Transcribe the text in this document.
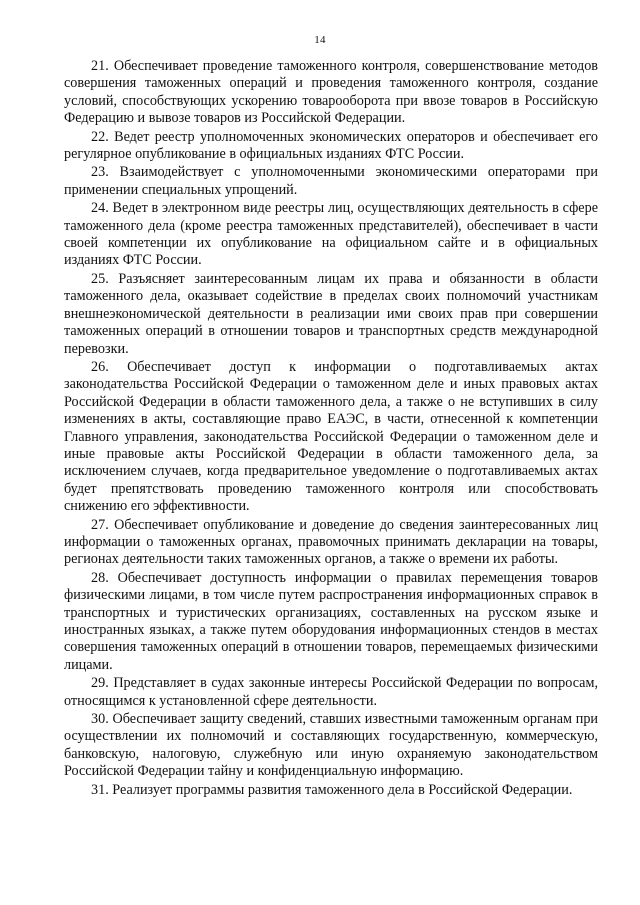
14

21. Обеспечивает проведение таможенного контроля, совершенствование методов совершения таможенных операций и проведения таможенного контроля, создание условий, способствующих ускорению товарооборота при ввозе товаров в Российскую Федерацию и вывозе товаров из Российской Федерации.

22. Ведет реестр уполномоченных экономических операторов и обеспечивает его регулярное опубликование в официальных изданиях ФТС России.

23. Взаимодействует с уполномоченными экономическими операторами при применении специальных упрощений.

24. Ведет в электронном виде реестры лиц, осуществляющих деятельность в сфере таможенного дела (кроме реестра таможенных представителей), обеспечивает в части своей компетенции их опубликование на официальном сайте и в официальных изданиях ФТС России.

25. Разъясняет заинтересованным лицам их права и обязанности в области таможенного дела, оказывает содействие в пределах своих полномочий участникам внешнеэкономической деятельности в реализации ими своих прав при совершении таможенных операций в отношении товаров и транспортных средств международной перевозки.

26. Обеспечивает доступ к информации о подготавливаемых актах законодательства Российской Федерации о таможенном деле и иных правовых актах Российской Федерации в области таможенного дела, а также о не вступивших в силу изменениях в акты, составляющие право ЕАЭС, в части, отнесенной к компетенции Главного управления, законодательства Российской Федерации о таможенном деле и иные правовые акты Российской Федерации в области таможенного дела, за исключением случаев, когда предварительное уведомление о подготавливаемых актах будет препятствовать проведению таможенного контроля или способствовать снижению его эффективности.

27. Обеспечивает опубликование и доведение до сведения заинтересованных лиц информации о таможенных органах, правомочных принимать декларации на товары, регионах деятельности таких таможенных органов, а также о времени их работы.

28. Обеспечивает доступность информации о правилах перемещения товаров физическими лицами, в том числе путем распространения информационных справок в транспортных и туристических организациях, составленных на русском языке и иностранных языках, а также путем оборудования информационных стендов в местах совершения таможенных операций в отношении товаров, перемещаемых физическими лицами.

29. Представляет в судах законные интересы Российской Федерации по вопросам, относящимся к установленной сфере деятельности.

30. Обеспечивает защиту сведений, ставших известными таможенным органам при осуществлении их полномочий и составляющих государственную, коммерческую, банковскую, налоговую, служебную или иную охраняемую законодательством Российской Федерации тайну и конфиденциальную информацию.

31. Реализует программы развития таможенного дела в Российской Федерации.
